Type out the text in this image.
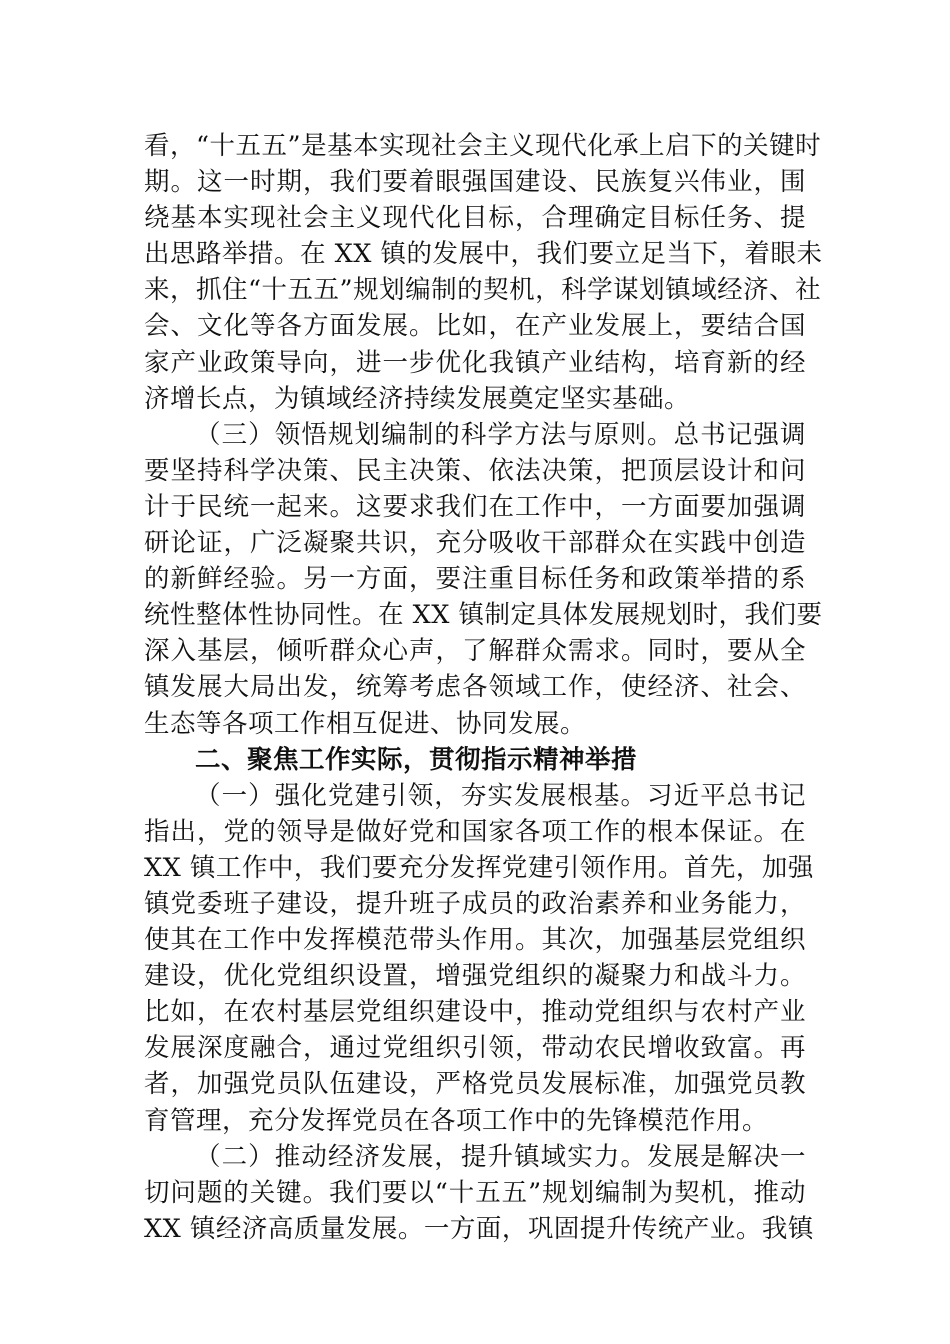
看，“十五五”是基本实现社会主义现代化承上启下的关键时
期。这一时期，我们要着眼强国建设、民族复兴伟业，围
绕基本实现社会主义现代化目标，合理确定目标任务、提
出思路举措。在 XX 镇的发展中，我们要立足当下，着眼未
来，抓住“十五五”规划编制的契机，科学谋划镇域经济、社
会、文化等各方面发展。比如，在产业发展上，要结合国
家产业政策导向，进一步优化我镇产业结构，培育新的经
济增长点，为镇域经济持续发展奠定坚实基础。
（三）领悟规划编制的科学方法与原则。总书记强调
要坚持科学决策、民主决策、依法决策，把顶层设计和问
计于民统一起来。这要求我们在工作中，一方面要加强调
研论证，广泛凝聚共识，充分吸收干部群众在实践中创造
的新鲜经验。另一方面，要注重目标任务和政策举措的系
统性整体性协同性。在 XX 镇制定具体发展规划时，我们要
深入基层，倾听群众心声，了解群众需求。同时，要从全
镇发展大局出发，统筹考虑各领域工作，使经济、社会、
生态等各项工作相互促进、协同发展。
二、聚焦工作实际，贯彻指示精神举措
（一）强化党建引领，夯实发展根基。习近平总书记
指出，党的领导是做好党和国家各项工作的根本保证。在
XX 镇工作中，我们要充分发挥党建引领作用。首先，加强
镇党委班子建设，提升班子成员的政治素养和业务能力，
使其在工作中发挥模范带头作用。其次，加强基层党组织
建设，优化党组织设置，增强党组织的凝聚力和战斗力。
比如，在农村基层党组织建设中，推动党组织与农村产业
发展深度融合，通过党组织引领，带动农民增收致富。再
者，加强党员队伍建设，严格党员发展标准，加强党员教
育管理，充分发挥党员在各项工作中的先锋模范作用。
（二）推动经济发展，提升镇域实力。发展是解决一
切问题的关键。我们要以“十五五”规划编制为契机，推动
XX 镇经济高质量发展。一方面，巩固提升传统产业。我镇
